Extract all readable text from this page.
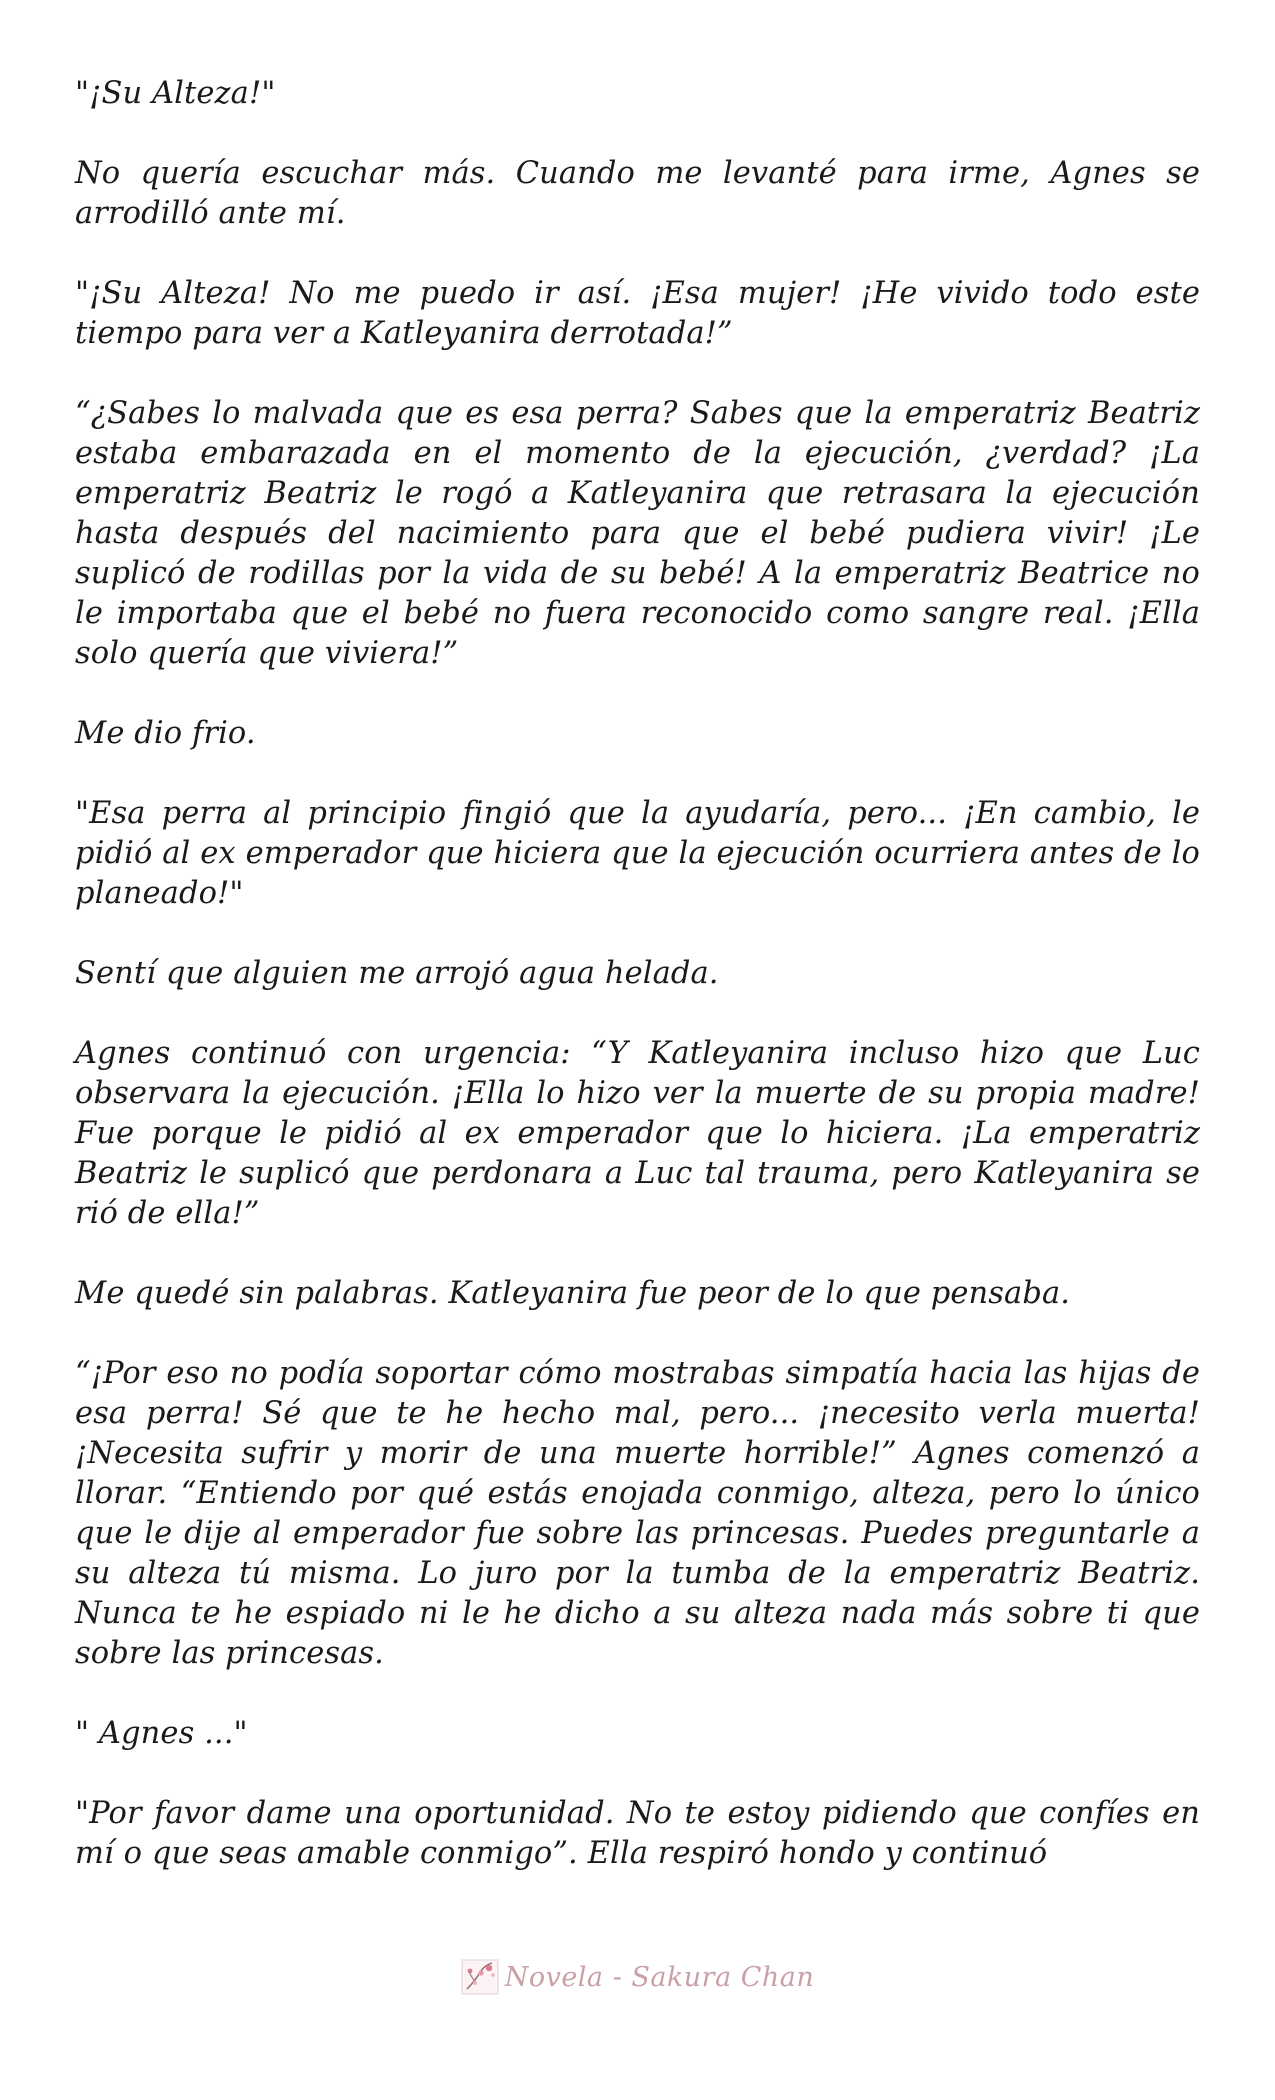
"¡Su Alteza!"

No quería escuchar más. Cuando me levanté para irme, Agnes se arrodilló ante mí.

"¡Su Alteza! No me puedo ir así. ¡Esa mujer! ¡He vivido todo este tiempo para ver a Katleyanira derrotada!”

“¿Sabes lo malvada que es esa perra? Sabes que la emperatriz Beatriz estaba embarazada en el momento de la ejecución, ¿verdad? ¡La emperatriz Beatriz le rogó a Katleyanira que retrasara la ejecución hasta después del nacimiento para que el bebé pudiera vivir! ¡Le suplicó de rodillas por la vida de su bebé! A la emperatriz Beatrice no le importaba que el bebé no fuera reconocido como sangre real. ¡Ella solo quería que viviera!”

Me dio frio.

"Esa perra al principio fingió que la ayudaría, pero... ¡En cambio, le pidió al ex emperador que hiciera que la ejecución ocurriera antes de lo planeado!"

Sentí que alguien me arrojó agua helada.

Agnes continuó con urgencia: “Y Katleyanira incluso hizo que Luc observara la ejecución. ¡Ella lo hizo ver la muerte de su propia madre! Fue porque le pidió al ex emperador que lo hiciera. ¡La emperatriz Beatriz le suplicó que perdonara a Luc tal trauma, pero Katleyanira se rió de ella!”

Me quedé sin palabras. Katleyanira fue peor de lo que pensaba.

“¡Por eso no podía soportar cómo mostrabas simpatía hacia las hijas de esa perra! Sé que te he hecho mal, pero... ¡necesito verla muerta! ¡Necesita sufrir y morir de una muerte horrible!” Agnes comenzó a llorar. “Entiendo por qué estás enojada conmigo, alteza, pero lo único que le dije al emperador fue sobre las princesas. Puedes preguntarle a su alteza tú misma. Lo juro por la tumba de la emperatriz Beatriz. Nunca te he espiado ni le he dicho a su alteza nada más sobre ti que sobre las princesas.

" Agnes ..."

"Por favor dame una oportunidad. No te estoy pidiendo que confíes en mí o que seas amable conmigo”. Ella respiró hondo y continuó

Novela - Sakura Chan
